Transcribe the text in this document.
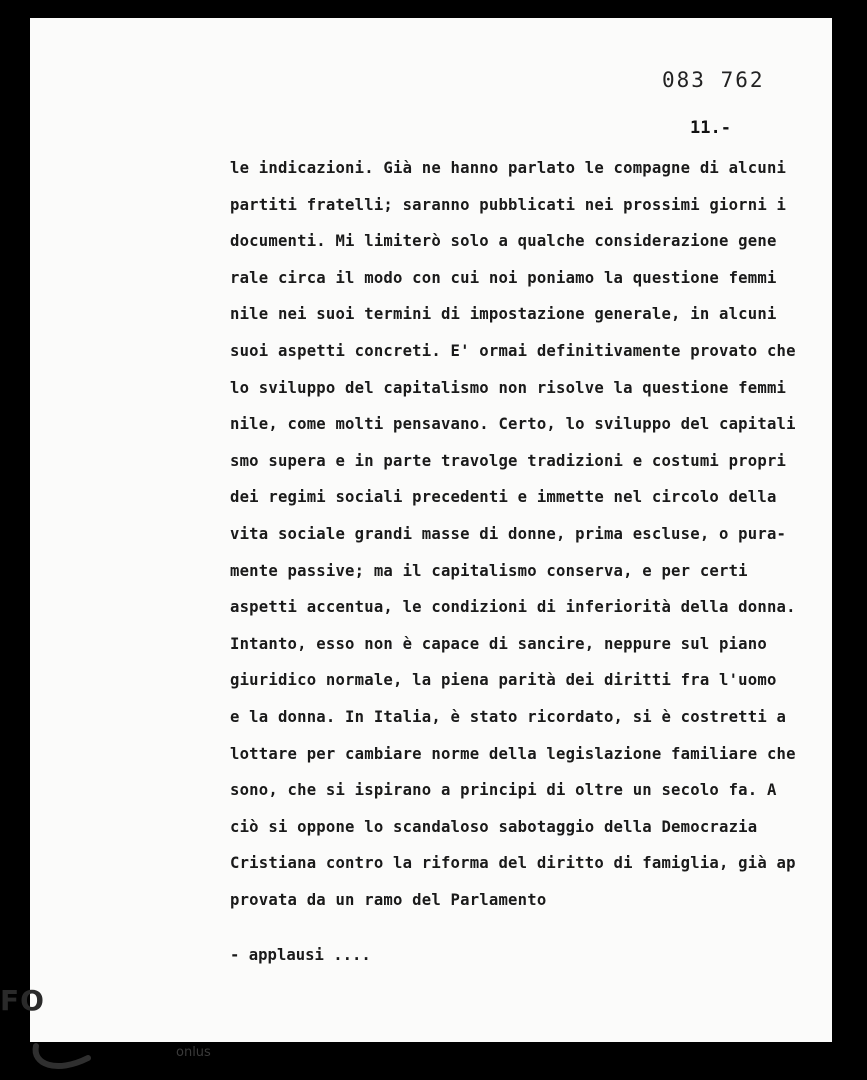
083 762
11.-
le indicazioni. Già ne hanno parlato le compagne di alcuni
partiti fratelli; saranno pubblicati nei prossimi giorni i
documenti. Mi limiterò solo a qualche considerazione gene
rale circa il modo con cui noi poniamo la questione femmi
nile nei suoi termini di impostazione generale, in alcuni
suoi aspetti concreti. E' ormai definitivamente provato che
lo sviluppo del capitalismo non risolve la questione femmi
nile, come molti pensavano. Certo, lo sviluppo del capitali
smo supera e in parte travolge tradizioni e costumi propri
dei regimi sociali precedenti e immette nel circolo della
vita sociale grandi masse di donne, prima escluse, o pura-
mente passive; ma il capitalismo conserva, e per certi
aspetti accentua, le condizioni di inferiorità della donna.
Intanto, esso non è capace di sancire, neppure sul piano
giuridico normale, la piena parità dei diritti fra l'uomo
e la donna. In Italia, è stato ricordato, si è costretti a
lottare per cambiare norme della legislazione familiare che
sono, che si ispirano a principi di oltre un secolo fa. A
ciò si oppone lo scandaloso sabotaggio della Democrazia
Cristiana contro la riforma del diritto di famiglia, già ap
provata da un ramo del Parlamento
- applausi ....
FO
onlus
